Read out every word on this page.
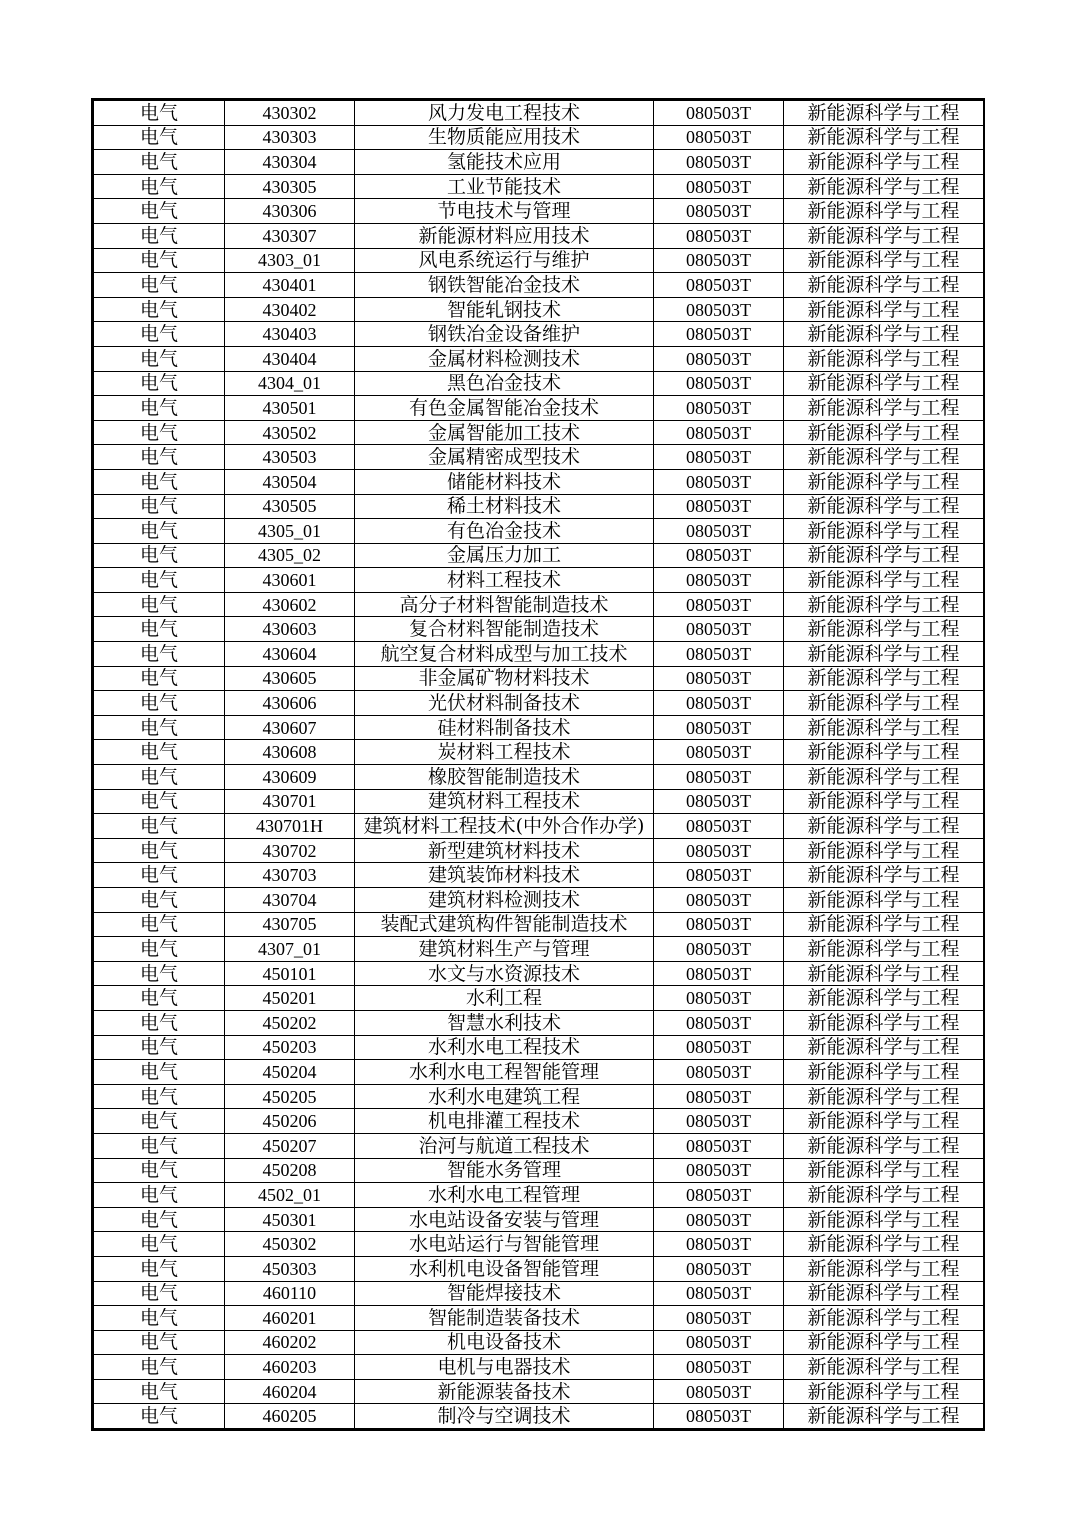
电气	430302	风力发电工程技术	080503T	新能源科学与工程
电气	430303	生物质能应用技术	080503T	新能源科学与工程
电气	430304	氢能技术应用	080503T	新能源科学与工程
电气	430305	工业节能技术	080503T	新能源科学与工程
电气	430306	节电技术与管理	080503T	新能源科学与工程
电气	430307	新能源材料应用技术	080503T	新能源科学与工程
电气	4303_01	风电系统运行与维护	080503T	新能源科学与工程
电气	430401	钢铁智能冶金技术	080503T	新能源科学与工程
电气	430402	智能轧钢技术	080503T	新能源科学与工程
电气	430403	钢铁冶金设备维护	080503T	新能源科学与工程
电气	430404	金属材料检测技术	080503T	新能源科学与工程
电气	4304_01	黑色冶金技术	080503T	新能源科学与工程
电气	430501	有色金属智能冶金技术	080503T	新能源科学与工程
电气	430502	金属智能加工技术	080503T	新能源科学与工程
电气	430503	金属精密成型技术	080503T	新能源科学与工程
电气	430504	储能材料技术	080503T	新能源科学与工程
电气	430505	稀土材料技术	080503T	新能源科学与工程
电气	4305_01	有色冶金技术	080503T	新能源科学与工程
电气	4305_02	金属压力加工	080503T	新能源科学与工程
电气	430601	材料工程技术	080503T	新能源科学与工程
电气	430602	高分子材料智能制造技术	080503T	新能源科学与工程
电气	430603	复合材料智能制造技术	080503T	新能源科学与工程
电气	430604	航空复合材料成型与加工技术	080503T	新能源科学与工程
电气	430605	非金属矿物材料技术	080503T	新能源科学与工程
电气	430606	光伏材料制备技术	080503T	新能源科学与工程
电气	430607	硅材料制备技术	080503T	新能源科学与工程
电气	430608	炭材料工程技术	080503T	新能源科学与工程
电气	430609	橡胶智能制造技术	080503T	新能源科学与工程
电气	430701	建筑材料工程技术	080503T	新能源科学与工程
电气	430701H	建筑材料工程技术(中外合作办学)	080503T	新能源科学与工程
电气	430702	新型建筑材料技术	080503T	新能源科学与工程
电气	430703	建筑装饰材料技术	080503T	新能源科学与工程
电气	430704	建筑材料检测技术	080503T	新能源科学与工程
电气	430705	装配式建筑构件智能制造技术	080503T	新能源科学与工程
电气	4307_01	建筑材料生产与管理	080503T	新能源科学与工程
电气	450101	水文与水资源技术	080503T	新能源科学与工程
电气	450201	水利工程	080503T	新能源科学与工程
电气	450202	智慧水利技术	080503T	新能源科学与工程
电气	450203	水利水电工程技术	080503T	新能源科学与工程
电气	450204	水利水电工程智能管理	080503T	新能源科学与工程
电气	450205	水利水电建筑工程	080503T	新能源科学与工程
电气	450206	机电排灌工程技术	080503T	新能源科学与工程
电气	450207	治河与航道工程技术	080503T	新能源科学与工程
电气	450208	智能水务管理	080503T	新能源科学与工程
电气	4502_01	水利水电工程管理	080503T	新能源科学与工程
电气	450301	水电站设备安装与管理	080503T	新能源科学与工程
电气	450302	水电站运行与智能管理	080503T	新能源科学与工程
电气	450303	水利机电设备智能管理	080503T	新能源科学与工程
电气	460110	智能焊接技术	080503T	新能源科学与工程
电气	460201	智能制造装备技术	080503T	新能源科学与工程
电气	460202	机电设备技术	080503T	新能源科学与工程
电气	460203	电机与电器技术	080503T	新能源科学与工程
电气	460204	新能源装备技术	080503T	新能源科学与工程
电气	460205	制冷与空调技术	080503T	新能源科学与工程
